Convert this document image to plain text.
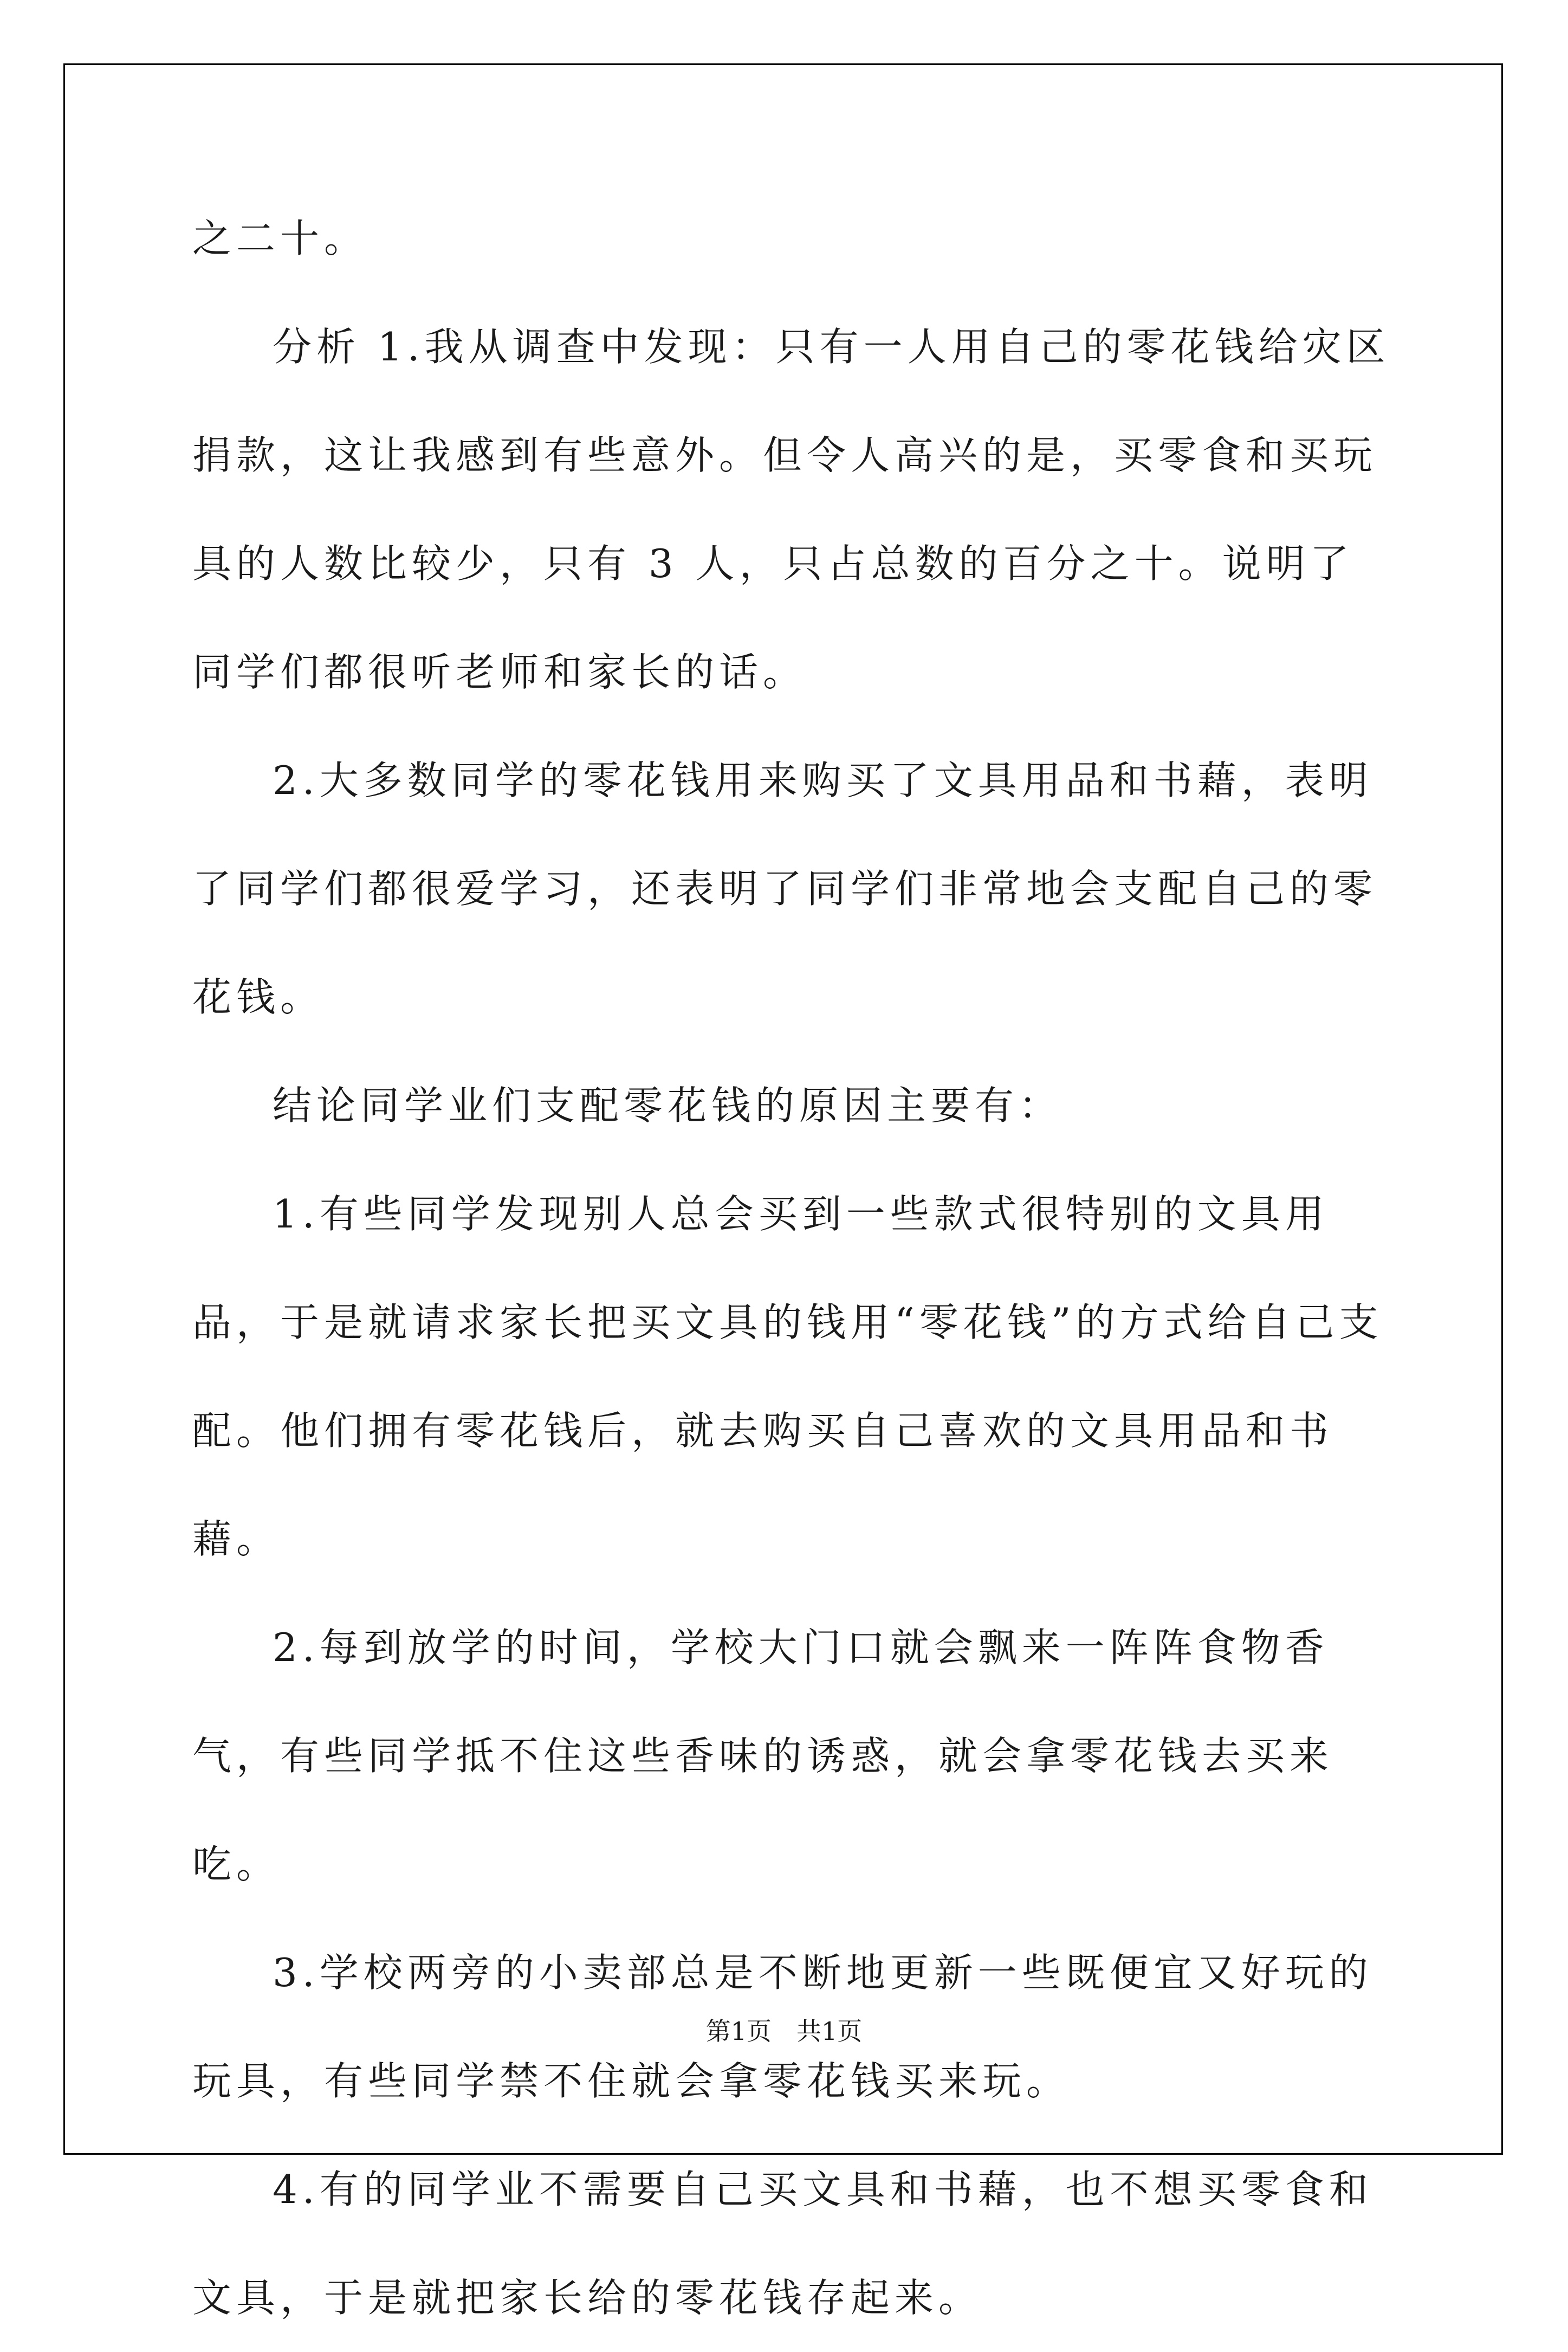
之二十。

分析 1.我从调查中发现：只有一人用自己的零花钱给灾区捐款，这让我感到有些意外。但令人高兴的是，买零食和买玩具的人数比较少，只有 3 人，只占总数的百分之十。说明了同学们都很听老师和家长的话。

2.大多数同学的零花钱用来购买了文具用品和书藉，表明了同学们都很爱学习，还表明了同学们非常地会支配自己的零花钱。

结论同学业们支配零花钱的原因主要有：

1.有些同学发现别人总会买到一些款式很特别的文具用品，于是就请求家长把买文具的钱用“零花钱”的方式给自己支配。他们拥有零花钱后，就去购买自己喜欢的文具用品和书藉。

2.每到放学的时间，学校大门口就会飘来一阵阵食物香气，有些同学抵不住这些香味的诱惑，就会拿零花钱去买来吃。

3.学校两旁的小卖部总是不断地更新一些既便宜又好玩的玩具，有些同学禁不住就会拿零花钱买来玩。

4.有的同学业不需要自己买文具和书藉，也不想买零食和文具，于是就把家长给的零花钱存起来。

第1页　共1页
